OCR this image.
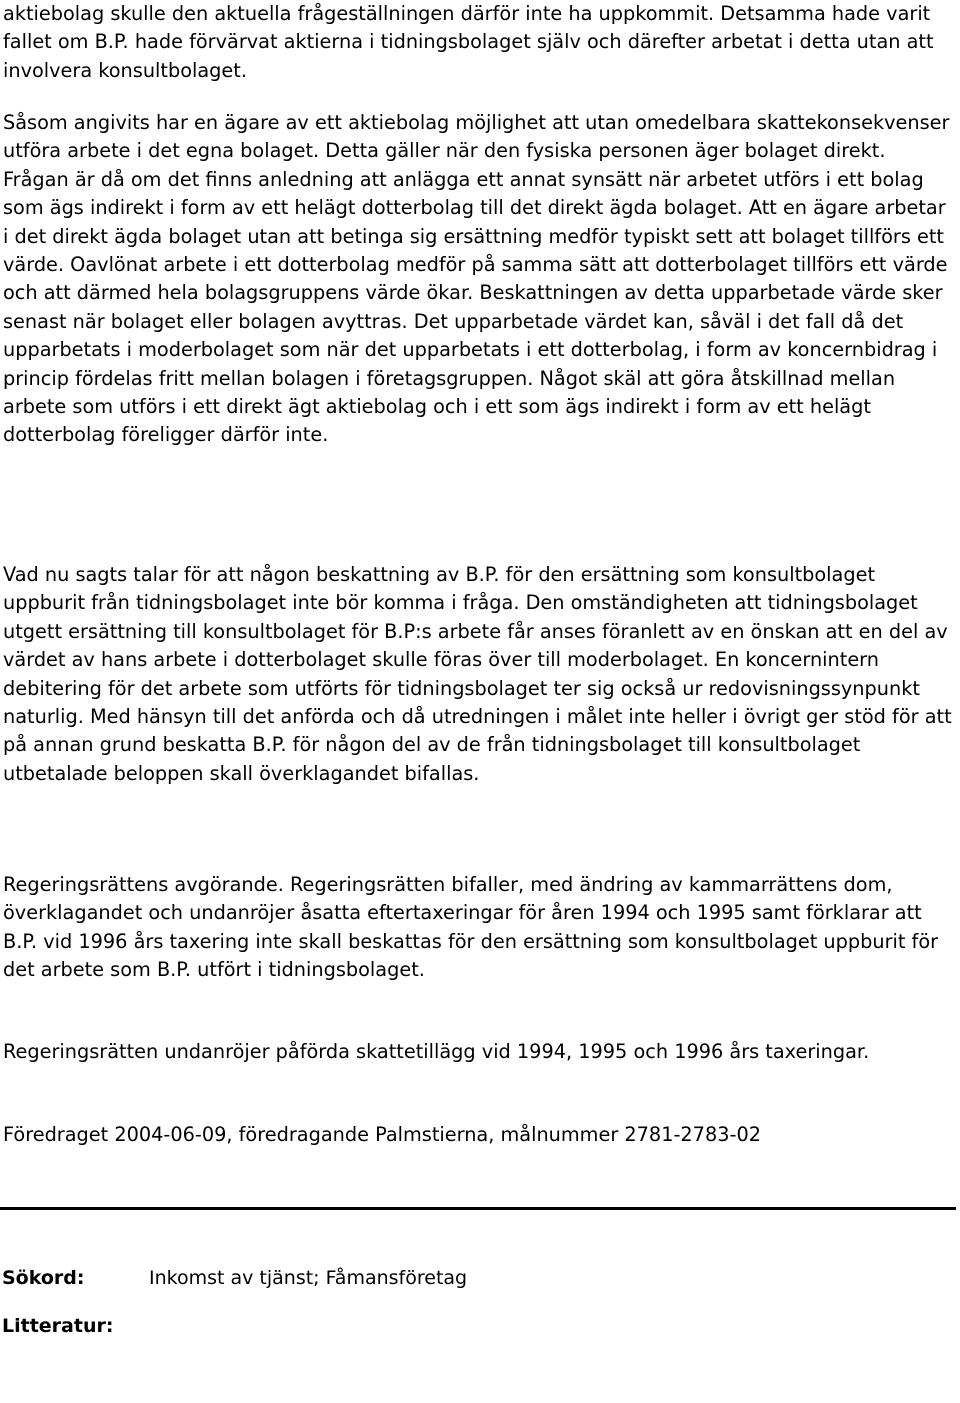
aktiebolag skulle den aktuella frågeställningen därför inte ha uppkommit. Detsamma hade varit fallet om B.P. hade förvärvat aktierna i tidningsbolaget själv och därefter arbetat i detta utan att involvera konsultbolaget.

Såsom angivits har en ägare av ett aktiebolag möjlighet att utan omedelbara skattekonsekvenser utföra arbete i det egna bolaget. Detta gäller när den fysiska personen äger bolaget direkt. Frågan är då om det finns anledning att anlägga ett annat synsätt när arbetet utförs i ett bolag som ägs indirekt i form av ett helägt dotterbolag till det direkt ägda bolaget. Att en ägare arbetar i det direkt ägda bolaget utan att betinga sig ersättning medför typiskt sett att bolaget tillförs ett värde. Oavlönat arbete i ett dotterbolag medför på samma sätt att dotterbolaget tillförs ett värde och att därmed hela bolagsgruppens värde ökar. Beskattningen av detta upparbetade värde sker senast när bolaget eller bolagen avyttras. Det upparbetade värdet kan, såväl i det fall då det upparbetats i moderbolaget som när det upparbetats i ett dotterbolag, i form av koncernbidrag i princip fördelas fritt mellan bolagen i företagsgruppen. Något skäl att göra åtskillnad mellan arbete som utförs i ett direkt ägt aktiebolag och i ett som ägs indirekt i form av ett helägt dotterbolag föreligger därför inte.

Vad nu sagts talar för att någon beskattning av B.P. för den ersättning som konsultbolaget uppburit från tidningsbolaget inte bör komma i fråga. Den omständigheten att tidningsbolaget utgett ersättning till konsultbolaget för B.P:s arbete får anses föranlett av en önskan att en del av värdet av hans arbete i dotterbolaget skulle föras över till moderbolaget. En koncernintern debitering för det arbete som utförts för tidningsbolaget ter sig också ur redovisningssynpunkt naturlig. Med hänsyn till det anförda och då utredningen i målet inte heller i övrigt ger stöd för att på annan grund beskatta B.P. för någon del av de från tidningsbolaget till konsultbolaget utbetalade beloppen skall överklagandet bifallas.

Regeringsrättens avgörande. Regeringsrätten bifaller, med ändring av kammarrättens dom, överklagandet och undanröjer åsatta eftertaxeringar för åren 1994 och 1995 samt förklarar att B.P. vid 1996 års taxering inte skall beskattas för den ersättning som konsultbolaget uppburit för det arbete som B.P. utfört i tidningsbolaget.

Regeringsrätten undanröjer påförda skattetillägg vid 1994, 1995 och 1996 års taxeringar.

Föredraget 2004-06-09, föredragande Palmstierna, målnummer 2781-2783-02

Sökord:	Inkomst av tjänst; Fåmansföretag
Litteratur:
